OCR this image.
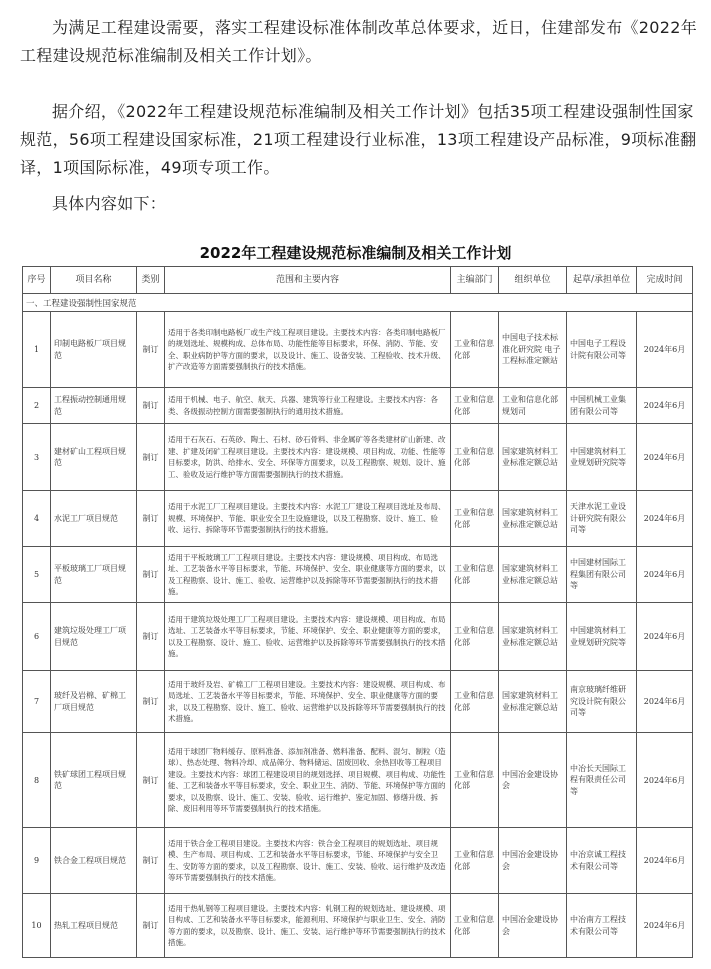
为满足工程建设需要，落实工程建设标准体制改革总体要求，近日，住建部发布《2022年工程建设规范标准编制及相关工作计划》。

据介绍，《2022年工程建设规范标准编制及相关工作计划》包括35项工程建设强制性国家规范，56项工程建设国家标准，21项工程建设行业标准，13项工程建设产品标准，9项标准翻译，1项国际标准，49项专项工作。

具体内容如下：

2022年工程建设规范标准编制及相关工作计划
序号	项目名称	类别	范围和主要内容	主编部门	组织单位	起草/承担单位	完成时间
一、工程建设强制性国家规范							
1	印制电路板厂项目规范	制订	适用于各类印制电路板厂或生产线工程项目建设。主要技术内容：各类印制电路板厂的规划选址、规模构成、总体布局、功能性能等目标要求，环保、消防、节能、安全、职业病防护等方面的要求，以及设计、施工、设备安装、工程验收、技术升级、扩产改造等方面需要强制执行的技术措施。	工业和信息化部	中国电子技术标准化研究院 电子工程标准定额站	中国电子工程设计院有限公司等	2024年6月
2	工程振动控制通用规范	制订	适用于机械、电子、航空、航天、兵器、建筑等行业工程建设。主要技术内容：各类、各级振动控制方面需要强制执行的通用技术措施。	工业和信息化部	工业和信息化部规划司	中国机械工业集团有限公司等	2024年6月
3	建材矿山工程项目规范	制订	适用于石灰石、石英砂、陶土、石材、砂石骨料、非金属矿等各类建材矿山新建、改建、扩建及闭矿工程项目建设。主要技术内容：建设规模、项目构成、功能、性能等目标要求，防洪、给排水、安全、环保等方面要求，以及工程勘察、规划、设计、施工、验收及运行维护等方面需要强制执行的技术措施。	工业和信息化部	国家建筑材料工业标准定额总站	中国建筑材料工业规划研究院等	2024年6月
4	水泥工厂项目规范	制订	适用于水泥工厂工程项目建设。主要技术内容：水泥工厂建设工程项目选址及布局、规模、环境保护、节能、职业安全卫生设施建设，以及工程勘察、设计、施工、验收、运行、拆除等环节需要强制执行的技术措施。	工业和信息化部	国家建筑材料工业标准定额总站	天津水泥工业设计研究院有限公司等	2024年6月
5	平板玻璃工厂项目规范	制订	适用于平板玻璃工厂工程项目建设。主要技术内容：建设规模、项目构成、布局选址、工艺装备水平等目标要求，节能、环境保护、安全、职业健康等方面的要求，以及工程勘察、设计、施工、验收、运营维护以及拆除等环节需要强制执行的技术措施。	工业和信息化部	国家建筑材料工业标准定额总站	中国建材国际工程集团有限公司等	2024年6月
6	建筑垃圾处理工厂项目规范	制订	适用于建筑垃圾处理工厂工程项目建设。主要技术内容：建设规模、项目构成、布局选址、工艺装备水平等目标要求，节能、环境保护、安全、职业健康等方面的要求，以及工程勘察、设计、施工、验收、运营维护以及拆除等环节需要强制执行的技术措施。	工业和信息化部	国家建筑材料工业标准定额总站	中国建筑材料工业规划研究院等	2024年6月
7	玻纤及岩棉、矿棉工厂项目规范	制订	适用于玻纤及岩、矿棉工厂工程项目建设。主要技术内容：建设规模、项目构成、布局选址、工艺装备水平等目标要求，节能、环境保护、安全、职业健康等方面的要求，以及工程勘察、设计、施工、验收、运营维护以及拆除等环节需要强制执行的技术措施。	工业和信息化部	国家建筑材料工业标准定额总站	南京玻璃纤维研究设计院有限公司等	2024年6月
8	铁矿球团工程项目规范	制订	适用于球团厂物料缓存、原料准备、添加剂准备、燃料准备、配料、混匀、制粒（造球）、热态处理、物料冷却、成品筛分、物料储运、固废回收、余热回收等工程项目建设。主要技术内容：球团工程建设项目的规划选择、项目规模、项目构成、功能性能、工艺和装备水平等目标要求，安全、职业卫生、消防、节能、环境保护等方面的要求，以及勘察、设计、施工、安装、验收、运行维护、鉴定加固、修缮升级、拆除、废旧利用等环节需要强制执行的技术措施。	工业和信息化部	中国冶金建设协会	中冶长天国际工程有限责任公司等	2024年6月
9	铁合金工程项目规范	制订	适用于铁合金工程项目建设。主要技术内容：铁合金工程项目的规划选址、项目规模、生产布局、项目构成、工艺和装备水平等目标要求，节能、环境保护与安全卫生、安防等方面的要求，以及工程勘察、设计、施工、安装、验收、运行维护及改造等环节需要强制执行的技术措施。	工业和信息化部	中国冶金建设协会	中冶京诚工程技术有限公司等	2024年6月
10	热轧工程项目规范	制订	适用于热轧钢等工程项目建设。主要技术内容：轧钢工程的规划选址、建设规模、项目构成、工艺和装备水平等目标要求，能源利用、环境保护与职业卫生、安全、消防等方面的要求，以及勘察、设计、施工、安装、运行维护等环节需要强制执行的技术措施。	工业和信息化部	中国冶金建设协会	中冶南方工程技术有限公司等	2024年6月
